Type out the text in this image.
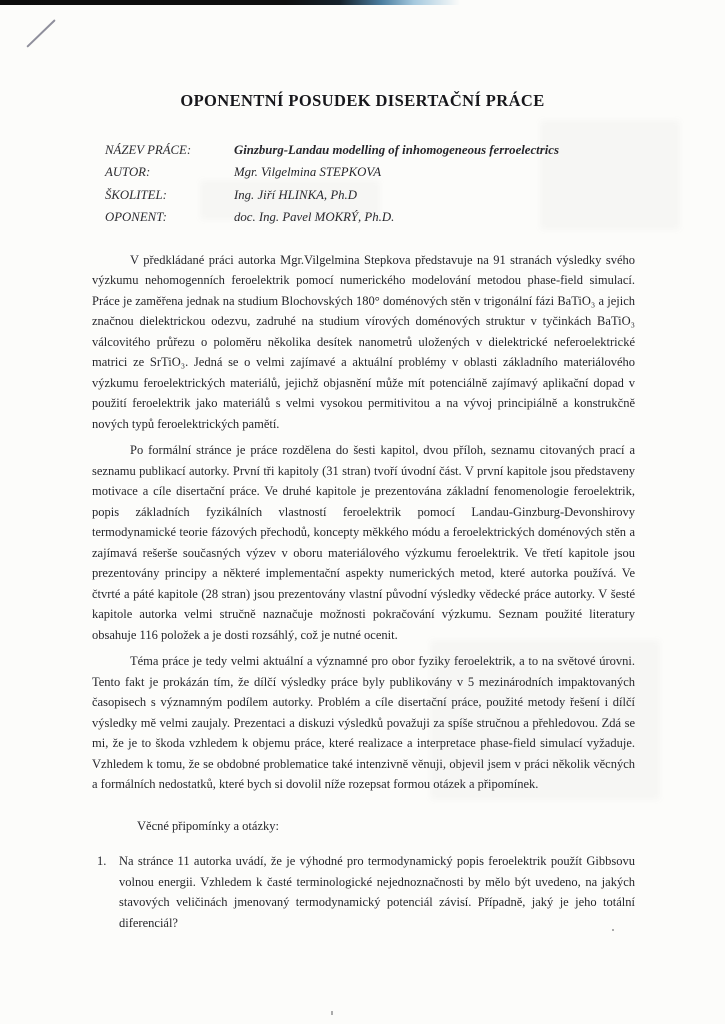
OPONENTNÍ POSUDEK DISERTAČNÍ PRÁCE
NÁZEV PRÁCE:	Ginzburg-Landau modelling of inhomogeneous ferroelectrics
AUTOR:	Mgr. Vilgelmina STEPKOVA
ŠKOLITEL:	Ing. Jiří HLINKA, Ph.D
OPONENT:	doc. Ing. Pavel MOKRÝ, Ph.D.

V předkládané práci autorka Mgr.Vilgelmina Stepkova představuje na 91 stranách výsledky svého výzkumu nehomogenních feroelektrik pomocí numerického modelování metodou phase-field simulací. Práce je zaměřena jednak na studium Blochovských 180° doménových stěn v trigonální fázi BaTiO₃ a jejich značnou dielektrickou odezvu, zadruhé na studium vírových doménových struktur v tyčinkách BaTiO₃ válcovitého průřezu o poloměru několika desítek nanometrů uložených v dielektrické neferoelektrické matrici ze SrTiO₃. Jedná se o velmi zajímavé a aktuální problémy v oblasti základního materiálového výzkumu feroelektrických materiálů, jejichž objasnění může mít potenciálně zajímavý aplikační dopad v použití feroelektrik jako materiálů s velmi vysokou permitivitou a na vývoj principiálně a konstrukčně nových typů feroelektrických pamětí.

Po formální stránce je práce rozdělena do šesti kapitol, dvou příloh, seznamu citovaných prací a seznamu publikací autorky. První tři kapitoly (31 stran) tvoří úvodní část. V první kapitole jsou představeny motivace a cíle disertační práce. Ve druhé kapitole je prezentována základní fenomenologie feroelektrik, popis základních fyzikálních vlastností feroelektrik pomocí Landau-Ginzburg-Devonshirovy termodynamické teorie fázových přechodů, koncepty měkkého módu a feroelektrických doménových stěn a zajímavá rešerše současných výzev v oboru materiálového výzkumu feroelektrik. Ve třetí kapitole jsou prezentovány principy a některé implementační aspekty numerických metod, které autorka používá. Ve čtvrté a páté kapitole (28 stran) jsou prezentovány vlastní původní výsledky vědecké práce autorky. V šesté kapitole autorka velmi stručně naznačuje možnosti pokračování výzkumu. Seznam použité literatury obsahuje 116 položek a je dosti rozsáhlý, což je nutné ocenit.

Téma práce je tedy velmi aktuální a významné pro obor fyziky feroelektrik, a to na světové úrovni. Tento fakt je prokázán tím, že dílčí výsledky práce byly publikovány v 5 mezinárodních impaktovaných časopisech s významným podílem autorky. Problém a cíle disertační práce, použité metody řešení i dílčí výsledky mě velmi zaujaly. Prezentaci a diskuzi výsledků považuji za spíše stručnou a přehledovou. Zdá se mi, že je to škoda vzhledem k objemu práce, které realizace a interpretace phase-field simulací vyžaduje. Vzhledem k tomu, že se obdobné problematice také intenzivně věnuji, objevil jsem v práci několik věcných a formálních nedostatků, které bych si dovolil níže rozepsat formou otázek a připomínek.

Věcné připomínky a otázky:

1.	Na stránce 11 autorka uvádí, že je výhodné pro termodynamický popis feroelektrik použít Gibbsovu volnou energii. Vzhledem k časté terminologické nejednoznačnosti by mělo být uvedeno, na jakých stavových veličinách jmenovaný termodynamický potenciál závisí. Případně, jaký je jeho totální diferenciál?
